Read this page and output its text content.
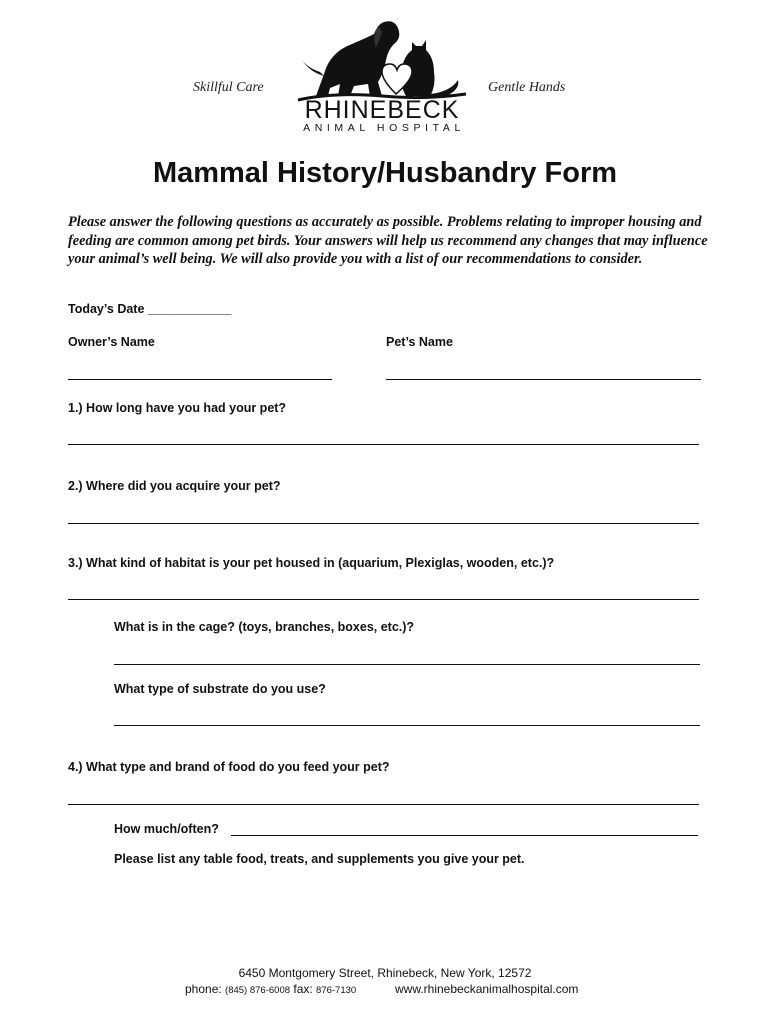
Skillful Care	Gentle Hands
RHINEBECK
ANIMAL HOSPITAL
Mammal History/Husbandry Form
Please answer the following questions as accurately as possible. Problems relating to improper housing and feeding are common among pet birds. Your answers will help us recommend any changes that may influence your animal’s well being. We will also provide you with a list of our recommendations to consider.
Today’s Date ____________
Owner’s Name	Pet’s Name
1.) How long have you had your pet?
2.) Where did you acquire your pet?
3.) What kind of habitat is your pet housed in (aquarium, Plexiglas, wooden, etc.)?
What is in the cage? (toys, branches, boxes, etc.)?
What type of substrate do you use?
4.) What type and brand of food do you feed your pet?
How much/often?
Please list any table food, treats, and supplements you give your pet.
6450 Montgomery Street, Rhinebeck, New York, 12572
phone: (845) 876-6008 fax: 876-7130	www.rhinebeckanimalhospital.com
